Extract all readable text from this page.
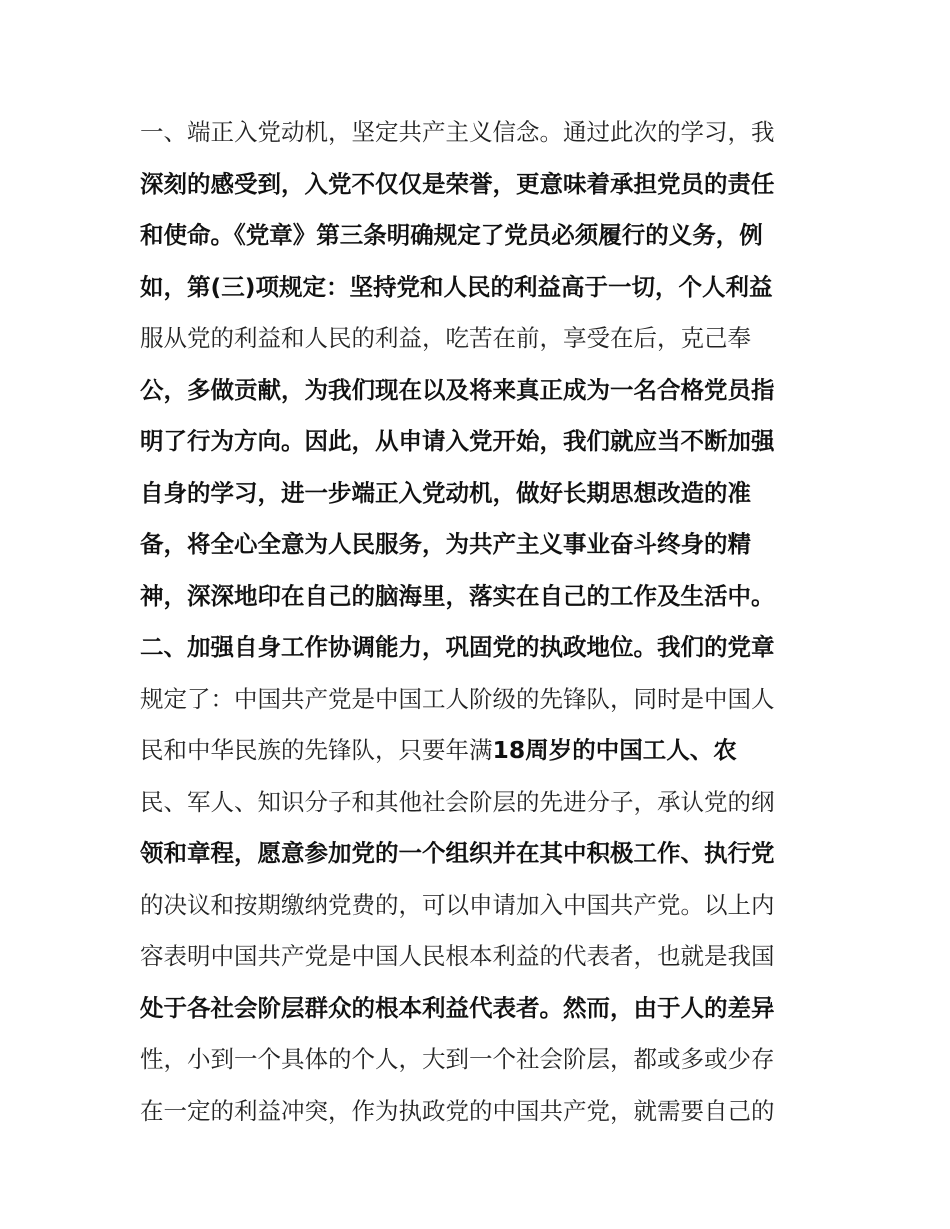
一、端正入党动机，坚定共产主义信念。通过此次的学习，我
深刻的感受到，入党不仅仅是荣誉，更意味着承担党员的责任
和使命。《党章》第三条明确规定了党员必须履行的义务，例
如，第(三)项规定：坚持党和人民的利益高于一切，个人利益
服从党的利益和人民的利益，吃苦在前，享受在后，克己奉
公，多做贡献，为我们现在以及将来真正成为一名合格党员指
明了行为方向。因此，从申请入党开始，我们就应当不断加强
自身的学习，进一步端正入党动机，做好长期思想改造的准
备，将全心全意为人民服务，为共产主义事业奋斗终身的精
神，深深地印在自己的脑海里，落实在自己的工作及生活中。
二、加强自身工作协调能力，巩固党的执政地位。我们的党章
规定了：中国共产党是中国工人阶级的先锋队，同时是中国人
民和中华民族的先锋队，只要年满18周岁的中国工人、农
民、军人、知识分子和其他社会阶层的先进分子，承认党的纲
领和章程，愿意参加党的一个组织并在其中积极工作、执行党
的决议和按期缴纳党费的，可以申请加入中国共产党。以上内
容表明中国共产党是中国人民根本利益的代表者，也就是我国
处于各社会阶层群众的根本利益代表者。然而，由于人的差异
性，小到一个具体的个人，大到一个社会阶层，都或多或少存
在一定的利益冲突，作为执政党的中国共产党，就需要自己的
